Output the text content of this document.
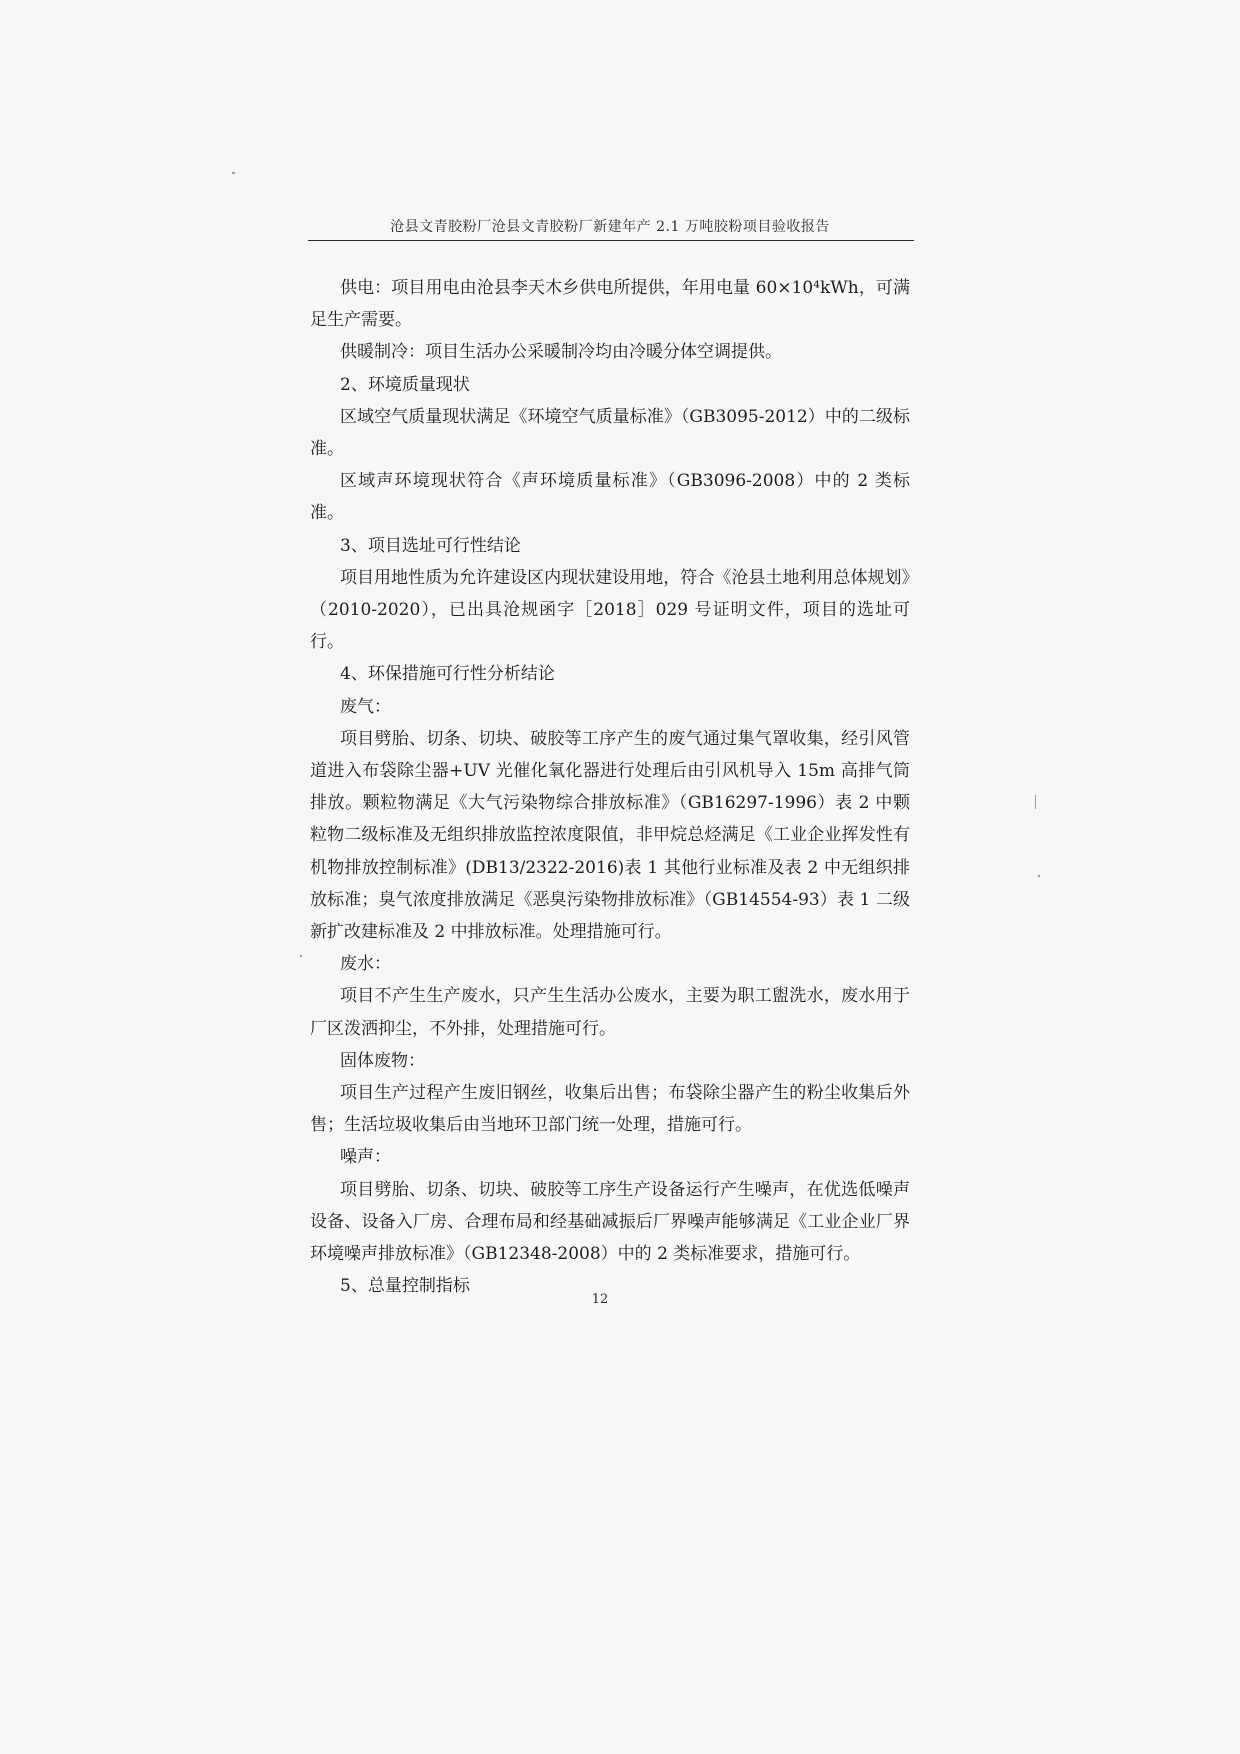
沧县文青胶粉厂沧县文青胶粉厂新建年产 2.1 万吨胶粉项目验收报告

供电：项目用电由沧县李天木乡供电所提供，年用电量 60×10⁴kWh，可满足生产需要。

供暖制冷：项目生活办公采暖制冷均由冷暖分体空调提供。

2、环境质量现状

区域空气质量现状满足《环境空气质量标准》（GB3095-2012）中的二级标准。

区域声环境现状符合《声环境质量标准》（GB3096-2008）中的 2 类标准。

3、项目选址可行性结论

项目用地性质为允许建设区内现状建设用地，符合《沧县土地利用总体规划》（2010-2020），已出具沧规函字［2018］029 号证明文件，项目的选址可行。

4、环保措施可行性分析结论

废气：

项目劈胎、切条、切块、破胶等工序产生的废气通过集气罩收集，经引风管道进入布袋除尘器+UV 光催化氧化器进行处理后由引风机导入 15m 高排气筒排放。颗粒物满足《大气污染物综合排放标准》（GB16297-1996）表 2 中颗粒物二级标准及无组织排放监控浓度限值，非甲烷总烃满足《工业企业挥发性有机物排放控制标准》(DB13/2322-2016)表 1 其他行业标准及表 2 中无组织排放标准；臭气浓度排放满足《恶臭污染物排放标准》（GB14554-93）表 1 二级新扩改建标准及 2 中排放标准。处理措施可行。

废水：

项目不产生生产废水，只产生生活办公废水，主要为职工盥洗水，废水用于厂区泼洒抑尘，不外排，处理措施可行。

固体废物：

项目生产过程产生废旧钢丝，收集后出售；布袋除尘器产生的粉尘收集后外售；生活垃圾收集后由当地环卫部门统一处理，措施可行。

噪声：

项目劈胎、切条、切块、破胶等工序生产设备运行产生噪声，在优选低噪声设备、设备入厂房、合理布局和经基础减振后厂界噪声能够满足《工业企业厂界环境噪声排放标准》（GB12348-2008）中的 2 类标准要求，措施可行。

5、总量控制指标

12
